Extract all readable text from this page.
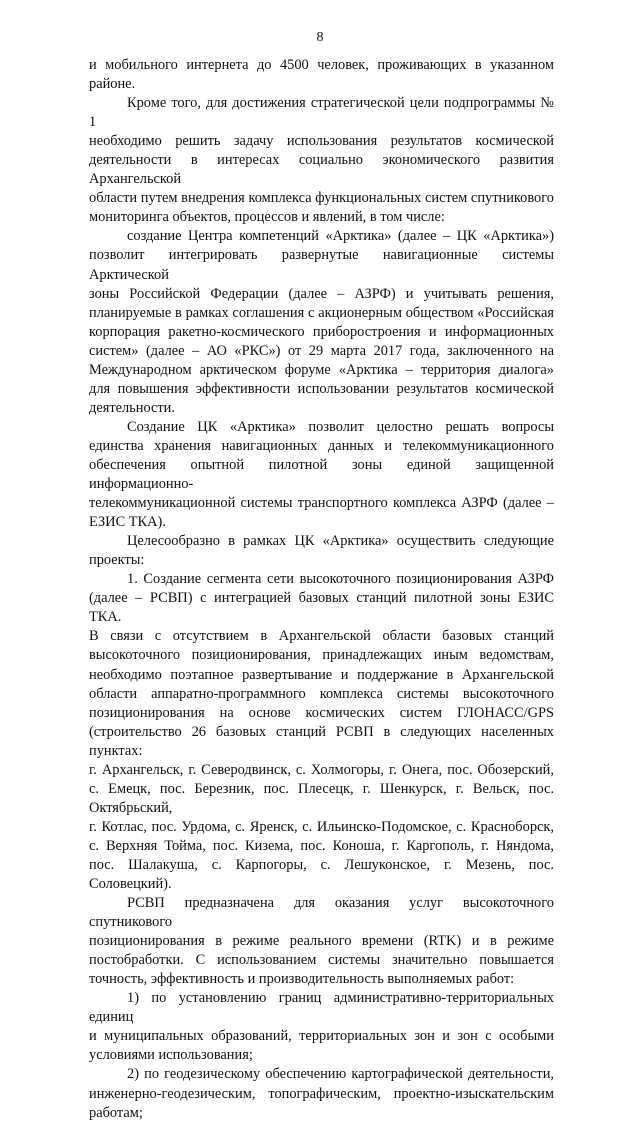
8

и мобильного интернета до 4500 человек, проживающих в указанном районе.

Кроме того, для достижения стратегической цели подпрограммы № 1

необходимо решить задачу использования результатов космической

деятельности в интересах социально экономического развития Архангельской

области путем внедрения комплекса функциональных систем спутникового

мониторинга объектов, процессов и явлений, в том числе:

создание Центра компетенций «Арктика» (далее – ЦК «Арктика»)

позволит интегрировать развернутые навигационные системы Арктической

зоны Российской Федерации (далее – АЗРФ) и учитывать решения,

планируемые в рамках соглашения с акционерным обществом «Российская

корпорация ракетно-космического приборостроения и информационных

систем» (далее – АО «РКС») от 29 марта 2017 года, заключенного на

Международном арктическом форуме «Арктика – территория диалога»

для повышения эффективности использовании результатов космической

деятельности.

Создание ЦК «Арктика» позволит целостно решать вопросы

единства хранения навигационных данных и телекоммуникационного

обеспечения опытной пилотной зоны единой защищенной информационно-

телекоммуникационной системы транспортного комплекса АЗРФ (далее –

ЕЗИС ТКА).

Целесообразно в рамках ЦК «Арктика» осуществить следующие

проекты:

1. Создание сегмента сети высокоточного позиционирования АЗРФ

(далее – РСВП) с интеграцией базовых станций пилотной зоны ЕЗИС ТКА.

В связи с отсутствием в Архангельской области базовых станций

высокоточного позиционирования, принадлежащих иным ведомствам,

необходимо поэтапное развертывание и поддержание в Архангельской

области аппаратно-программного комплекса системы высокоточного

позиционирования на основе космических систем ГЛОНАСС/GPS

(строительство 26 базовых станций РСВП в следующих населенных пунктах:

г. Архангельск, г. Северодвинск, с. Холмогоры, г. Онега, пос. Обозерский,

с. Емецк, пос. Березник, пос. Плесецк, г. Шенкурск, г. Вельск, пос. Октябрьский,

г. Котлас, пос. Урдома, с. Яренск, с. Ильинско-Подомское, с. Красноборск,

с. Верхняя Тойма, пос. Кизема, пос. Коноша, г. Каргополь, г. Няндома,

пос. Шалакуша, с. Карпогоры, с. Лешуконское, г. Мезень, пос. Соловецкий).

РСВП предназначена для оказания услуг высокоточного спутникового

позиционирования в режиме реального времени (RTK) и в режиме

постобработки. С использованием системы значительно повышается

точность, эффективность и производительность выполняемых работ:

1) по установлению границ административно-территориальных единиц

и муниципальных образований, территориальных зон и зон с особыми

условиями использования;

2) по геодезическому обеспечению картографической деятельности,

инженерно-геодезическим, топографическим, проектно-изыскательским

работам;
